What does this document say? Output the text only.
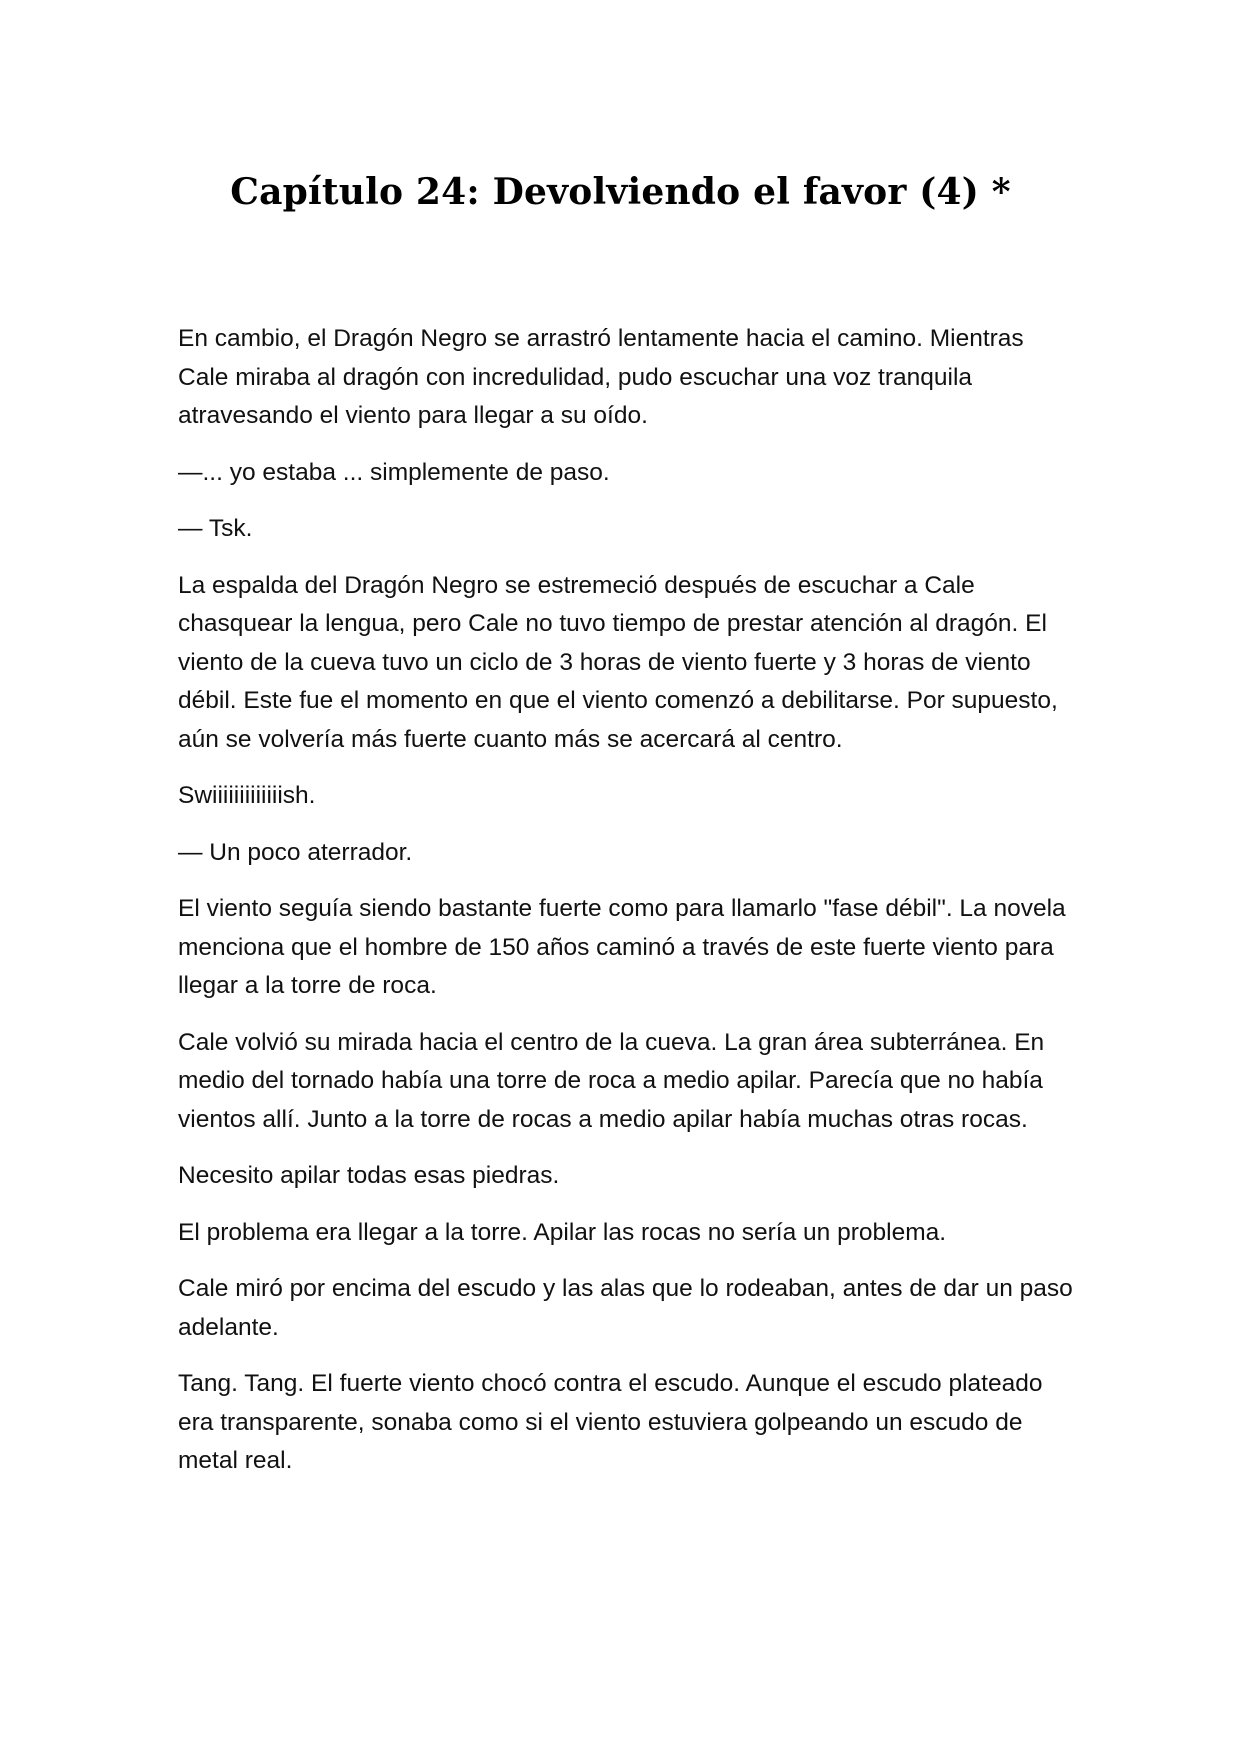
Capítulo 24: Devolviendo el favor (4) *

En cambio, el Dragón Negro se arrastró lentamente hacia el camino. Mientras Cale miraba al dragón con incredulidad, pudo escuchar una voz tranquila atravesando el viento para llegar a su oído.

—... yo estaba ... simplemente de paso.

— Tsk.

La espalda del Dragón Negro se estremeció después de escuchar a Cale chasquear la lengua, pero Cale no tuvo tiempo de prestar atención al dragón. El viento de la cueva tuvo un ciclo de 3 horas de viento fuerte y 3 horas de viento débil. Este fue el momento en que el viento comenzó a debilitarse. Por supuesto, aún se volvería más fuerte cuanto más se acercará al centro.

Swiiiiiiiiiiiiish.

— Un poco aterrador.

El viento seguía siendo bastante fuerte como para llamarlo "fase débil". La novela menciona que el hombre de 150 años caminó a través de este fuerte viento para llegar a la torre de roca.

Cale volvió su mirada hacia el centro de la cueva. La gran área subterránea. En medio del tornado había una torre de roca a medio apilar. Parecía que no había vientos allí. Junto a la torre de rocas a medio apilar había muchas otras rocas.

Necesito apilar todas esas piedras.

El problema era llegar a la torre. Apilar las rocas no sería un problema.

Cale miró por encima del escudo y las alas que lo rodeaban, antes de dar un paso adelante.

Tang. Tang. El fuerte viento chocó contra el escudo. Aunque el escudo plateado era transparente, sonaba como si el viento estuviera golpeando un escudo de metal real.
